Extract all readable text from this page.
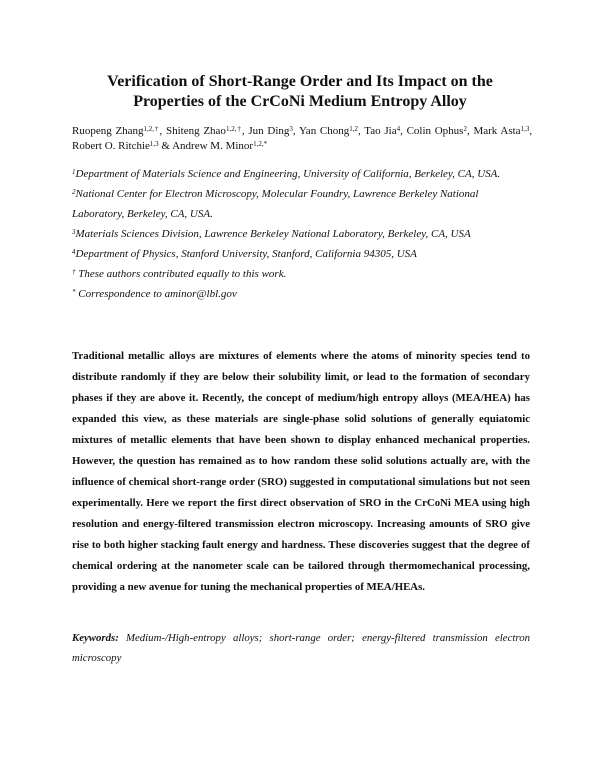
Verification of Short-Range Order and Its Impact on the
Properties of the CrCoNi Medium Entropy Alloy
Ruopeng Zhang$^{1,2,\dagger}$, Shiteng Zhao$^{1,2,\dagger}$, Jun Ding$^3$, Yan Chong$^{1,2}$, Tao Jia$^4$, Colin Ophus$^2$, Mark Asta$^{1,3}$, Robert O. Ritchie$^{1,3}$ & Andrew M. Minor$^{1,2,*}$

$^1$Department of Materials Science and Engineering, University of California, Berkeley, CA, USA.

$^2$National Center for Electron Microscopy, Molecular Foundry, Lawrence Berkeley National Laboratory, Berkeley, CA, USA.

$^3$Materials Sciences Division, Lawrence Berkeley National Laboratory, Berkeley, CA, USA

$^4$Department of Physics, Stanford University, Stanford, California 94305, USA

† These authors contributed equally to this work.

* Correspondence to aminor@lbl.gov

Traditional metallic alloys are mixtures of elements where the atoms of minority species tend to distribute randomly if they are below their solubility limit, or lead to the formation of secondary phases if they are above it. Recently, the concept of medium/high entropy alloys (MEA/HEA) has expanded this view, as these materials are single-phase solid solutions of generally equiatomic mixtures of metallic elements that have been shown to display enhanced mechanical properties. However, the question has remained as to how random these solid solutions actually are, with the influence of chemical short-range order (SRO) suggested in computational simulations but not seen experimentally. Here we report the first direct observation of SRO in the CrCoNi MEA using high resolution and energy-filtered transmission electron microscopy. Increasing amounts of SRO give rise to both higher stacking fault energy and hardness. These discoveries suggest that the degree of chemical ordering at the nanometer scale can be tailored through thermomechanical processing, providing a new avenue for tuning the mechanical properties of MEA/HEAs.

Keywords: Medium-/High-entropy alloys; short-range order; energy-filtered transmission electron microscopy
